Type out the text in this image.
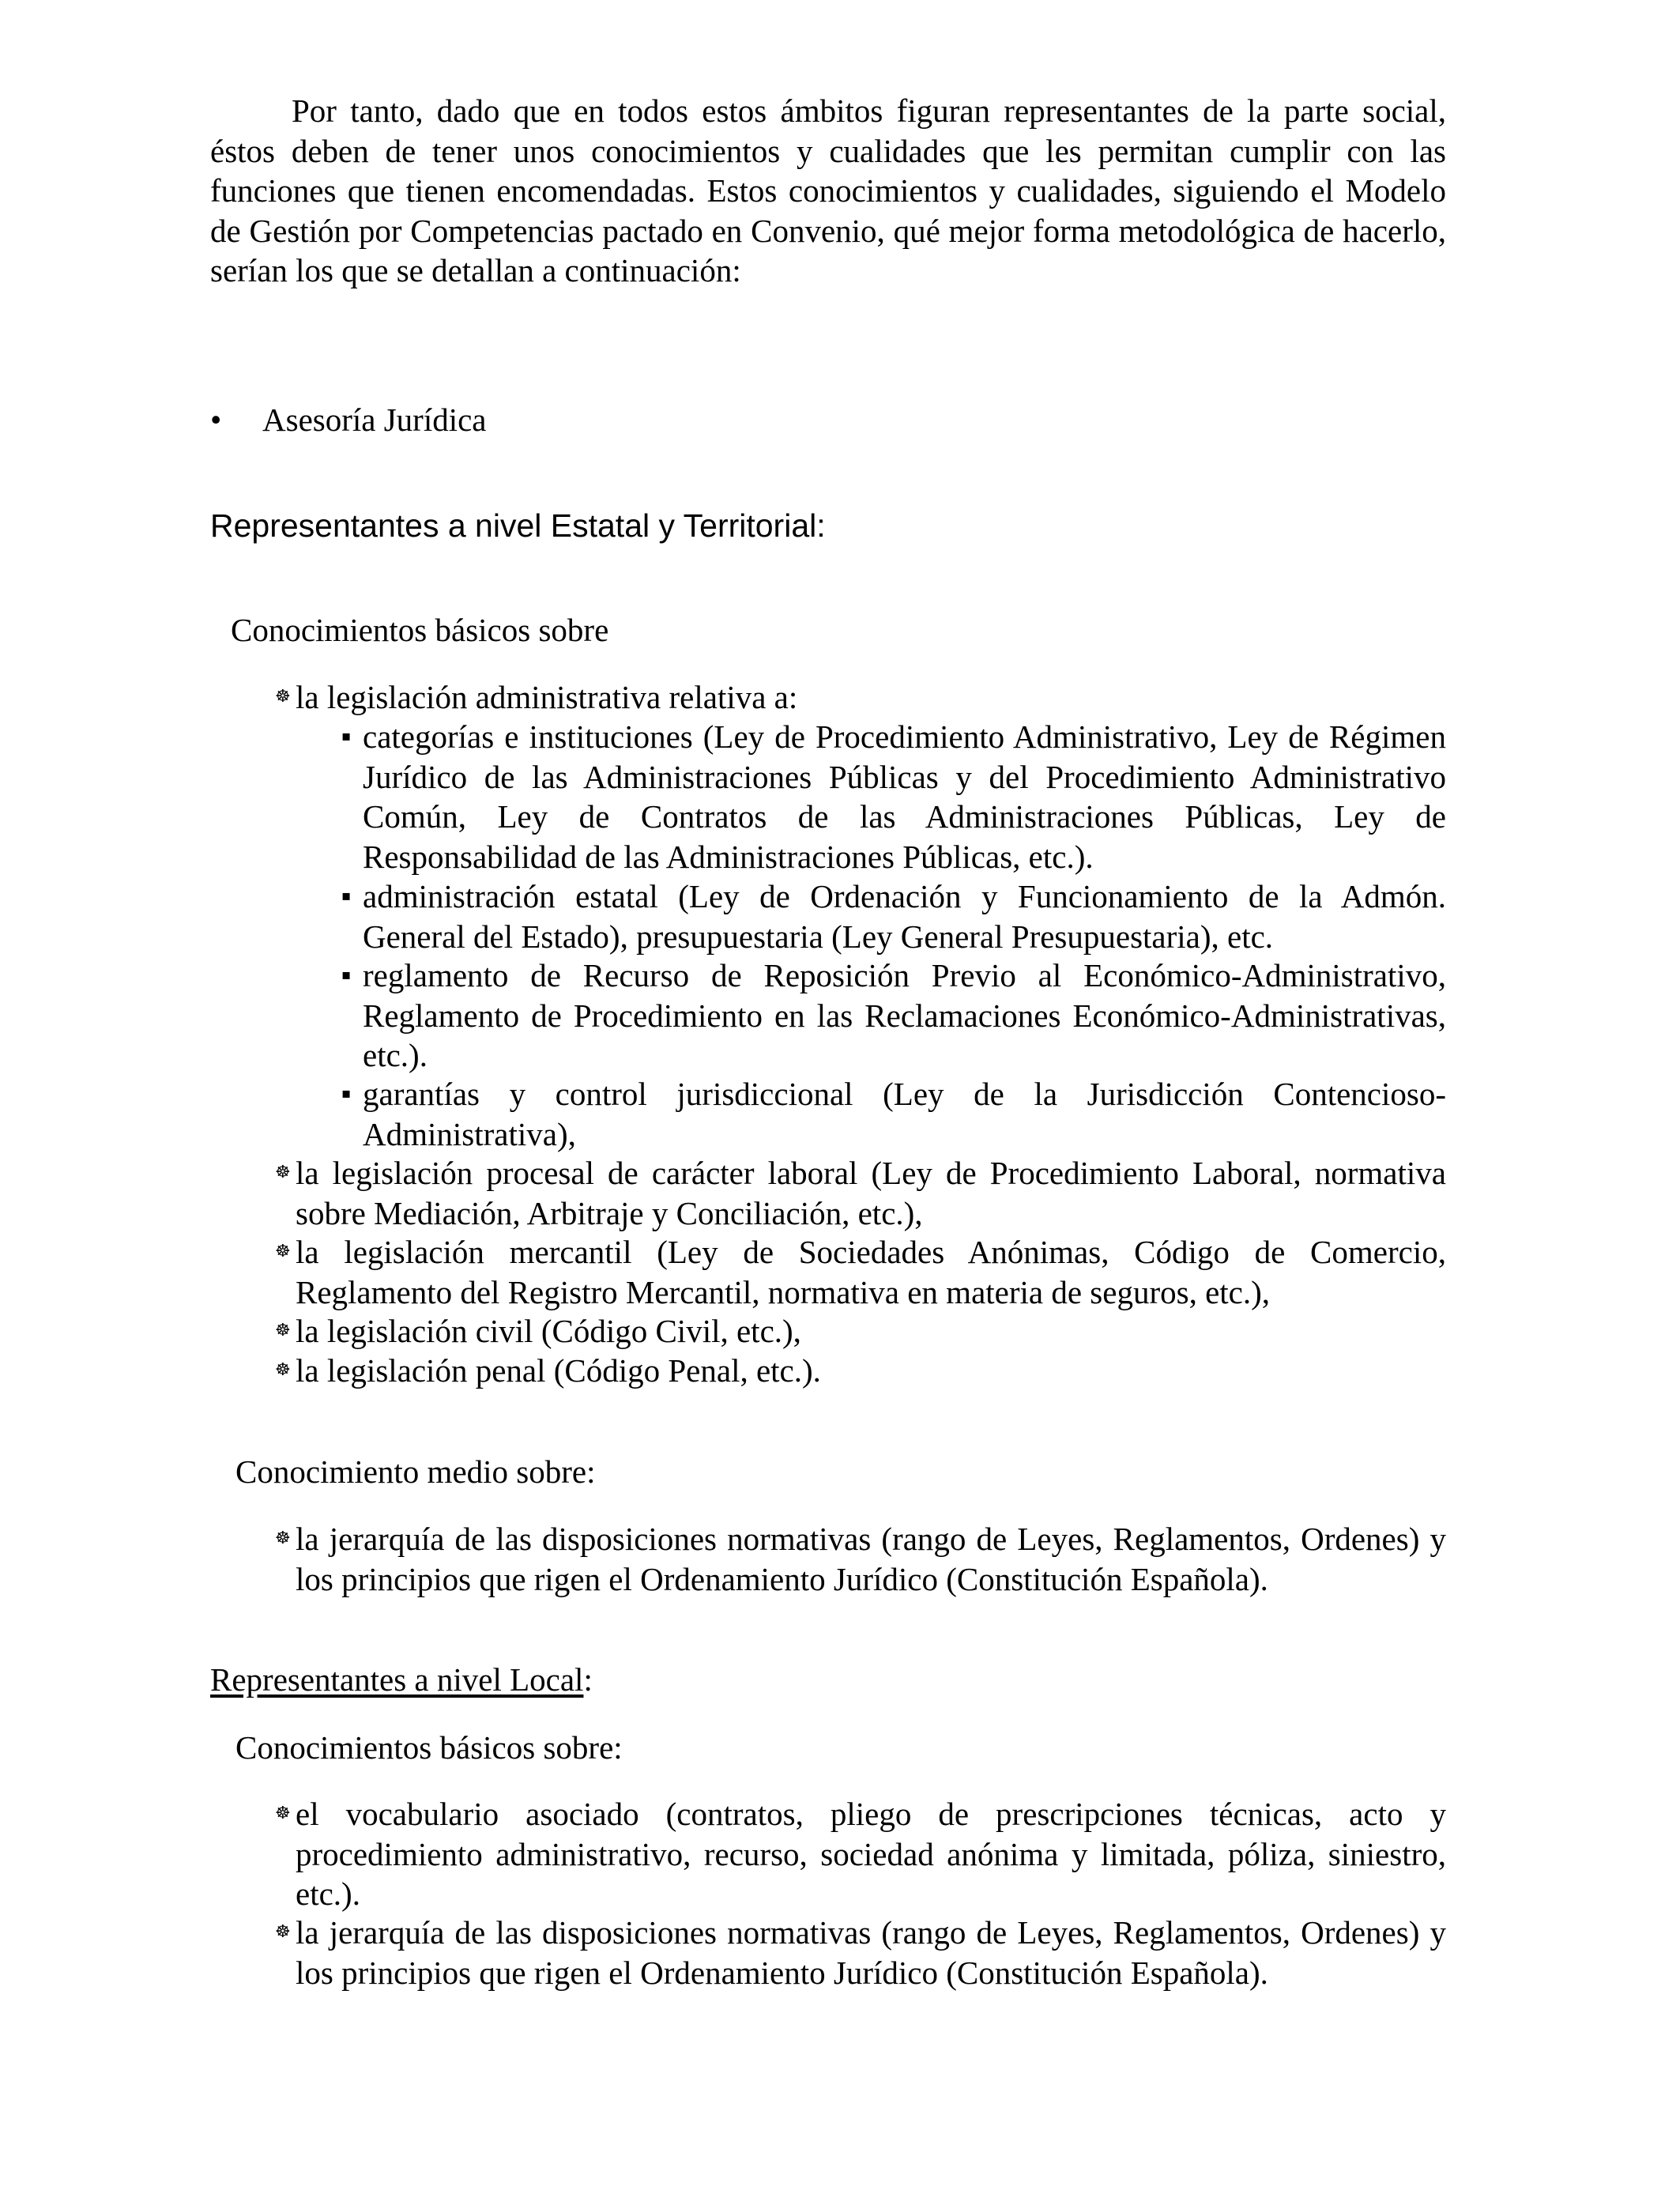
Por tanto, dado que en todos estos ámbitos figuran representantes de la parte social, éstos deben de tener unos conocimientos y cualidades que les permitan cumplir con las funciones que tienen encomendadas. Estos conocimientos y cualidades, siguiendo el Modelo de Gestión por Competencias pactado en Convenio, qué mejor forma metodológica de hacerlo, serían los que se detallan a continuación:

• Asesoría Jurídica
Representantes a nivel Estatal y Territorial:
Conocimientos básicos sobre
☸ la legislación administrativa relativa a:
▪ categorías e instituciones (Ley de Procedimiento Administrativo, Ley de Régimen Jurídico de las Administraciones Públicas y del Procedimiento Administrativo Común, Ley de Contratos de las Administraciones Públicas, Ley de Responsabilidad de las Administraciones Públicas, etc.).
▪ administración estatal (Ley de Ordenación y Funcionamiento de la Admón. General del Estado), presupuestaria (Ley General Presupuestaria), etc.
▪ reglamento de Recurso de Reposición Previo al Económico-Administrativo, Reglamento de Procedimiento en las Reclamaciones Económico-Administrativas, etc.).
▪ garantías y control jurisdiccional (Ley de la Jurisdicción Contencioso-Administrativa),
☸ la legislación procesal de carácter laboral (Ley de Procedimiento Laboral, normativa sobre Mediación, Arbitraje y Conciliación, etc.),
☸ la legislación mercantil (Ley de Sociedades Anónimas, Código de Comercio, Reglamento del Registro Mercantil, normativa en materia de seguros, etc.),
☸ la legislación civil (Código Civil, etc.),
☸ la legislación penal (Código Penal, etc.).
Conocimiento medio sobre:
☸ la jerarquía de las disposiciones normativas (rango de Leyes, Reglamentos, Ordenes) y los principios que rigen el Ordenamiento Jurídico (Constitución Española).
Representantes a nivel Local:
Conocimientos básicos sobre:
☸ el vocabulario asociado (contratos, pliego de prescripciones técnicas, acto y procedimiento administrativo, recurso, sociedad anónima y limitada, póliza, siniestro, etc.).
☸ la jerarquía de las disposiciones normativas (rango de Leyes, Reglamentos, Ordenes) y los principios que rigen el Ordenamiento Jurídico (Constitución Española).
